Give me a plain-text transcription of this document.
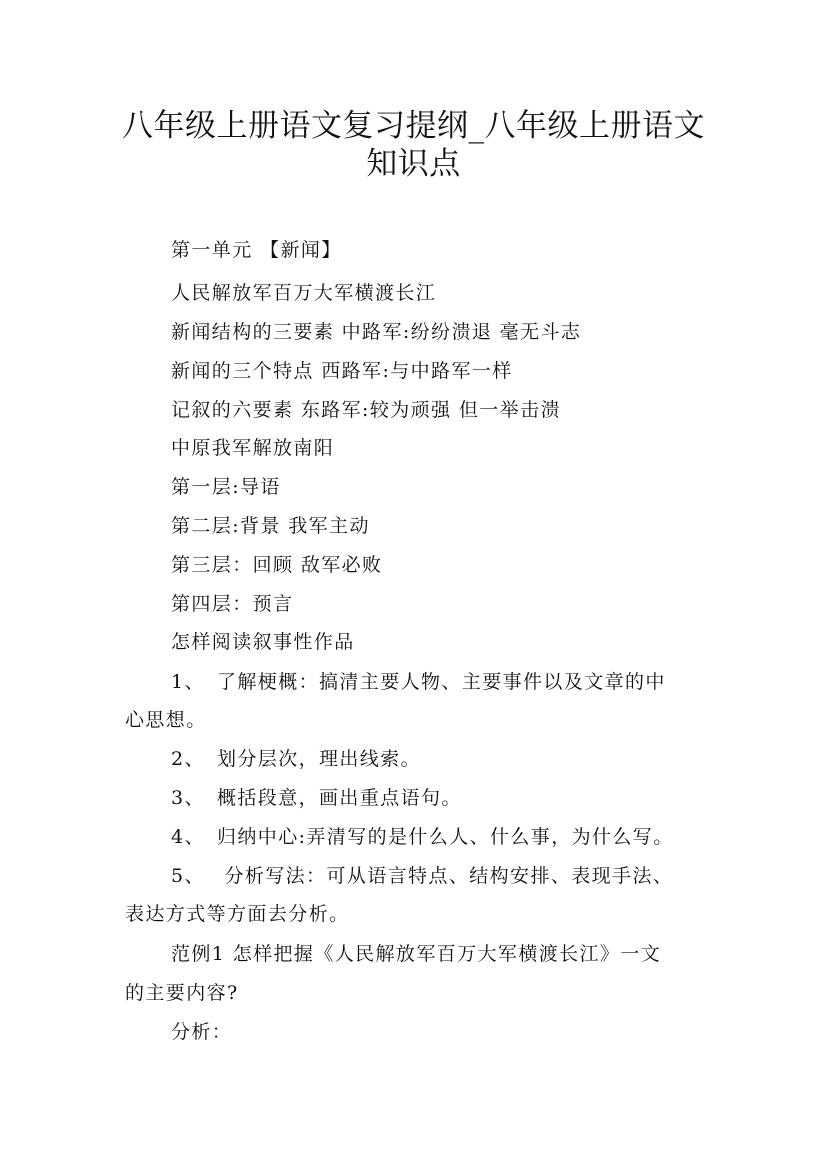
八年级上册语文复习提纲_八年级上册语文
知识点
第一单元 【新闻】
人民解放军百万大军横渡长江
新闻结构的三要素 中路军:纷纷溃退 毫无斗志
新闻的三个特点 西路军:与中路军一样
记叙的六要素 东路军:较为顽强 但一举击溃
中原我军解放南阳
第一层:导语
第二层:背景 我军主动
第三层：回顾 敌军必败
第四层：预言
怎样阅读叙事性作品
1、 了解梗概：搞清主要人物、主要事件以及文章的中
心思想。
2、 划分层次，理出线索。
3、 概括段意，画出重点语句。
4、 归纳中心:弄清写的是什么人、什么事，为什么写。
5、 分析写法：可从语言特点、结构安排、表现手法、
表达方式等方面去分析。
范例1 怎样把握《人民解放军百万大军横渡长江》一文
的主要内容?
分析：
